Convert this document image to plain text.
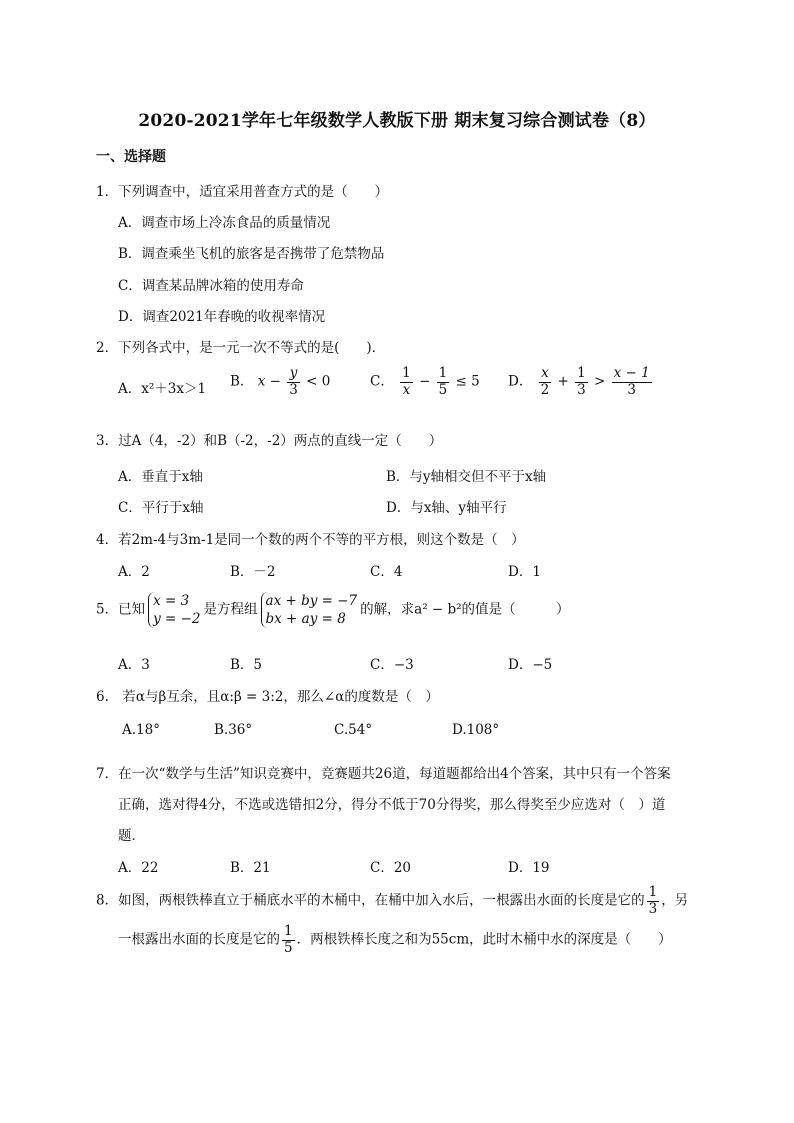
2020-2021学年七年级数学人教版下册 期末复习综合测试卷（8）
一、选择题
1．下列调查中，适宜采用普查方式的是（　　）
A．调查市场上冷冻食品的质量情况
B．调查乘坐飞机的旅客是否携带了危禁物品
C．调查某品牌冰箱的使用寿命
D．调查2021年春晚的收视率情况
2．下列各式中，是一元一次不等式的是(　　)．
A．x²＋3x＞1 B． $x - \frac{y}{3} < 0$	C． $\frac{1}{x} - \frac{1}{5} \le 5$ D． $\frac{x}{2} + \frac{1}{3} > \frac{x - 1}{3}$
3．过A（4，-2）和B（-2，-2）两点的直线一定（　　）
A．垂直于x轴	B．与y轴相交但不平于x轴
C．平行于x轴	D．与x轴、y轴平行
4．若2m-4与3m-1是同一个数的两个不等的平方根，则这个数是（　）
A．2	B．－2	C．4	D．1
5．已知
x = 3
y = −2
是方程组
ax + by = −7
bx + ay = 8
的解，求a² − b²的值是（　　　）
A．3	B．5	C．−3	D．−5
6.　若α与β互余，且α:β = 3:2，那么∠α的度数是（　）
A.18°	B.36°	C.54°	D.108°
7．在一次“数学与生活”知识竞赛中，竞赛题共26道，每道题都给出4个答案，其中只有一个答案
正确，选对得4分，不选或选错扣2分，得分不低于70分得奖，那么得奖至少应选对（　）道
题．
A．22	B．21	C．20	D．19
8．如图，两根铁棒直立于桶底水平的木桶中，在桶中加入水后，一根露出水面的长度是它的 $\frac{1}{3}$ ，另
一根露出水面的长度是它的 $\frac{1}{5}$ ．两根铁棒长度之和为55cm，此时木桶中水的深度是（　　）
